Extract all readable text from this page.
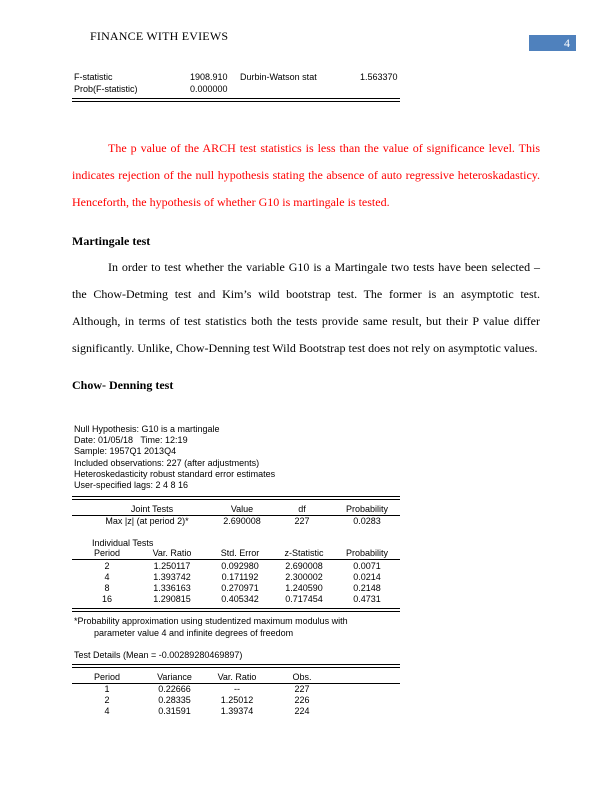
FINANCE WITH EVIEWS	4
F-statistic	1908.910 Durbin-Watson stat	1.563370
Prob(F-statistic)	0.000000
The p value of the ARCH test statistics is less than the value of significance level. This indicates rejection of the null hypothesis stating the absence of auto regressive heteroskadasticy. Henceforth, the hypothesis of whether G10 is martingale is tested.
Martingale test
In order to test whether the variable G10 is a Martingale two tests have been selected – the Chow-Detming test and Kim’s wild bootstrap test. The former is an asymptotic test. Although, in terms of test statistics both the tests provide same result, but their P value differ significantly. Unlike, Chow-Denning test Wild Bootstrap test does not rely on asymptotic values.
Chow- Denning test
Null Hypothesis: G10 is a martingale
Date: 01/05/18   Time: 12:19
Sample: 1957Q1 2013Q4
Included observations: 227 (after adjustments)
Heteroskedasticity robust standard error estimates
User-specified lags: 2 4 8 16
Joint Tests	Value	df	Probability
Max |z| (at period 2)*	2.690008	227	0.0283
Individual Tests
Period	Var. Ratio	Std. Error	z-Statistic	Probability
2	1.250117	0.092980	2.690008	0.0071
4	1.393742	0.171192	2.300002	0.0214
8	1.336163	0.270971	1.240590	0.2148
16	1.290815	0.405342	0.717454	0.4731
*Probability approximation using studentized maximum modulus with
parameter value 4 and infinite degrees of freedom
Test Details (Mean = -0.00289280469897)
Period	Variance	Var. Ratio	Obs.
1	0.22666	--	227
2	0.28335	1.25012	226
4	0.31591	1.39374	224
